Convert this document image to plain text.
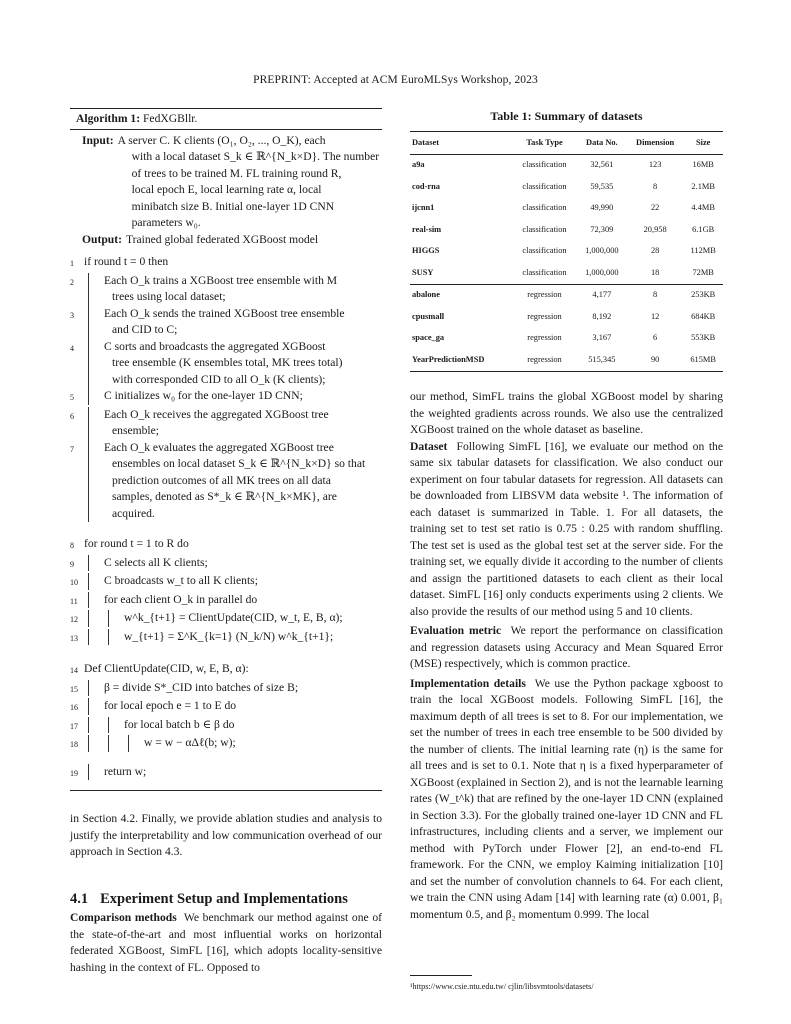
PREPRINT: Accepted at ACM EuroMLSys Workshop, 2023
Algorithm 1: FedXGBllr.
Input: A server C. K clients (O₁, O₂, ..., O_K), each
with a local dataset S_k ∈ ℝ^{N_k×D}. The number
of trees to be trained M. FL training round R,
local epoch E, local learning rate α, local
minibatch size B. Initial one-layer 1D CNN
parameters w₀.
Output: Trained global federated XGBoost model
1 if round t = 0 then
2	Each O_k trains a XGBoost tree ensemble with M
trees using local dataset;
3	Each O_k sends the trained XGBoost tree ensemble
and CID to C;
4	C sorts and broadcasts the aggregated XGBoost
tree ensemble (K ensembles total, MK trees total)
with corresponded CID to all O_k (K clients);
5	C initializes w₀ for the one-layer 1D CNN;
6	Each O_k receives the aggregated XGBoost tree
ensemble;
7	Each O_k evaluates the aggregated XGBoost tree
ensembles on local dataset S_k ∈ ℝ^{N_k×D} so that
prediction outcomes of all MK trees on all data
samples, denoted as S*_k ∈ ℝ^{N_k×MK}, are acquired.
8 for round t = 1 to R do
9	C selects all K clients;
10	C broadcasts w_t to all K clients;
11	for each client O_k in parallel do
12	w^k_{t+1} = ClientUpdate(CID, w_t, E, B, α);
13	w_{t+1} = Σ^K_{k=1} (N_k/N) w^k_{t+1};
14 Def ClientUpdate(CID, w, E, B, α):
15	β = divide S*_CID into batches of size B;
16	for local epoch e = 1 to E do
17	for local batch b ∈ β do
18	w = w − αΔℓ(b; w);
19	return w;

in Section 4.2. Finally, we provide ablation studies and analysis to justify the interpretability and low communication overhead of our approach in Section 4.3.

4.1 Experiment Setup and Implementations

Comparison methods We benchmark our method against one of the state-of-the-art and most influential works on horizontal federated XGBoost, SimFL [16], which adopts locality-sensitive hashing in the context of FL. Opposed to

Table 1: Summary of datasets
Dataset	Task Type	Data No.	Dimension	Size
a9a	classification	32,561	123	16MB
cod-rna	classification	59,535	8	2.1MB
ijcnn1	classification	49,990	22	4.4MB
real-sim	classification	72,309	20,958	6.1GB
HIGGS	classification	1,000,000	28	112MB
SUSY	classification	1,000,000	18	72MB
abalone	regression	4,177	8	253KB
cpusmall	regression	8,192	12	684KB
space_ga	regression	3,167	6	553KB
YearPredictionMSD	regression	515,345	90	615MB

our method, SimFL trains the global XGBoost model by sharing the weighted gradients across rounds. We also use the centralized XGBoost trained on the whole dataset as baseline.

Dataset Following SimFL [16], we evaluate our method on the same six tabular datasets for classification. We also conduct our experiment on four tabular datasets for regression. All datasets can be downloaded from LIBSVM data website ¹. The information of each dataset is summarized in Table. 1. For all datasets, the training set to test set ratio is 0.75 : 0.25 with random shuffling. The test set is used as the global test set at the server side. For the training set, we equally divide it according to the number of clients and assign the partitioned datasets to each client as their local dataset. SimFL [16] only conducts experiments using 2 clients. We also provide the results of our method using 5 and 10 clients.

Evaluation metric We report the performance on classification and regression datasets using Accuracy and Mean Squared Error (MSE) respectively, which is common practice.

Implementation details We use the Python package xgboost to train the local XGBoost models. Following SimFL [16], the maximum depth of all trees is set to 8. For our implementation, we set the number of trees in each tree ensemble to be 500 divided by the number of clients. The initial learning rate (η) is the same for all trees and is set to 0.1. Note that η is a fixed hyperparameter of XGBoost (explained in Section 2), and is not the learnable learning rates (W_t^k) that are refined by the one-layer 1D CNN (explained in Section 3.3). For the globally trained one-layer 1D CNN and FL infrastructures, including clients and a server, we implement our method with PyTorch under Flower [2], an end-to-end FL framework. For the CNN, we employ Kaiming initialization [10] and set the number of convolution channels to 64. For each client, we train the CNN using Adam [14] with learning rate (α) 0.001, β₁ momentum 0.5, and β₂ momentum 0.999. The local

¹https://www.csie.ntu.edu.tw/ cjlin/libsvmtools/datasets/
